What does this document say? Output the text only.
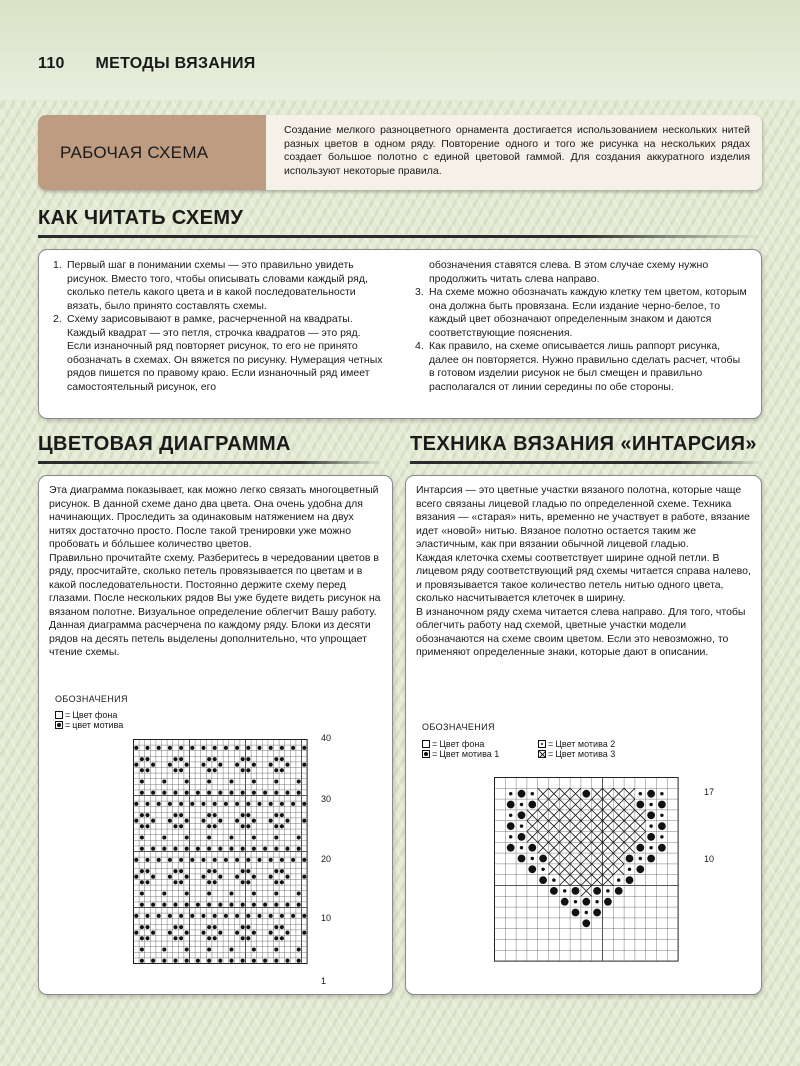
110 МЕТОДЫ ВЯЗАНИЯ
РАБОЧАЯ СХЕМА
Создание мелкого разноцветного орнамента достигается использованием нескольких нитей разных цветов в одном ряду. Повторение одного и того же рисунка на нескольких рядах создает большое полотно с единой цветовой гаммой. Для создания аккуратного изделия используют некоторые правила.
КАК ЧИТАТЬ СХЕМУ
1. Первый шаг в понимании схемы — это правильно увидеть рисунок. Вместо того, чтобы описывать словами каждый ряд, сколько петель какого цвета и в какой последовательности вязать, было принято составлять схемы.
2. Схему зарисовывают в рамке, расчерченной на квадраты. Каждый квадрат — это петля, строчка квадратов — это ряд. Если изнаночный ряд повторяет рисунок, то его не принято обозначать в схемах. Он вяжется по рисунку. Нумерация четных рядов пишется по правому краю. Если изнаночный ряд имеет самостоятельный рисунок, его
обозначения ставятся слева. В этом случае схему нужно продолжить читать слева направо.
3. На схеме можно обозначать каждую клетку тем цветом, которым она должна быть провязана. Если издание черно-белое, то каждый цвет обозначают определенным знаком и даются соответствующие пояснения.
4. Как правило, на схеме описывается лишь раппорт рисунка, далее он повторяется. Нужно правильно сделать расчет, чтобы в готовом изделии рисунок не был смещен и правильно располагался от линии середины по обе стороны.
ЦВЕТОВАЯ ДИАГРАММА	ТЕХНИКА ВЯЗАНИЯ «ИНТАРСИЯ»
Эта диаграмма показывает, как можно легко связать многоцветный рисунок. В данной схеме дано два цвета. Она очень удобна для начинающих. Проследить за одинаковым натяжением на двух нитях достаточно просто. После такой тренировки уже можно пробовать и бо́льшее количество цветов.
Правильно прочитайте схему. Разберитесь в чередовании цветов в ряду, просчитайте, сколько петель провязывается по цветам и в какой последовательности. Постоянно держите схему перед глазами. После нескольких рядов Вы уже будете видеть рисунок на вязаном полотне. Визуальное определение облегчит Вашу работу. Данная диаграмма расчерчена по каждому ряду. Блоки из десяти рядов на десять петель выделены дополнительно, что упрощает чтение схемы.
ОБОЗНАЧЕНИЯ
= Цвет фона
= цвет мотива
40
30
20
10
1
Интарсия — это цветные участки вязаного полотна, которые чаще всего связаны лицевой гладью по определенной схеме. Техника вязания — «старая» нить, временно не участвует в работе, вязание идет «новой» нитью. Вязаное полотно остается таким же эластичным, как при вязании обычной лицевой гладью.
Каждая клеточка схемы соответствует ширине одной петли. В лицевом ряду соответствующий ряд схемы читается справа налево, и провязывается такое количество петель нитью одного цвета, сколько насчитывается клеточек в ширину.
В изнаночном ряду схема читается слева направо. Для того, чтобы облегчить работу над схемой, цветные участки модели обозначаются на схеме своим цветом. Если это невозможно, то применяют определенные знаки, которые дают в описании.
ОБОЗНАЧЕНИЯ
= Цвет фона
= Цвет мотива 1
= Цвет мотива 2
= Цвет мотива 3
17
10
